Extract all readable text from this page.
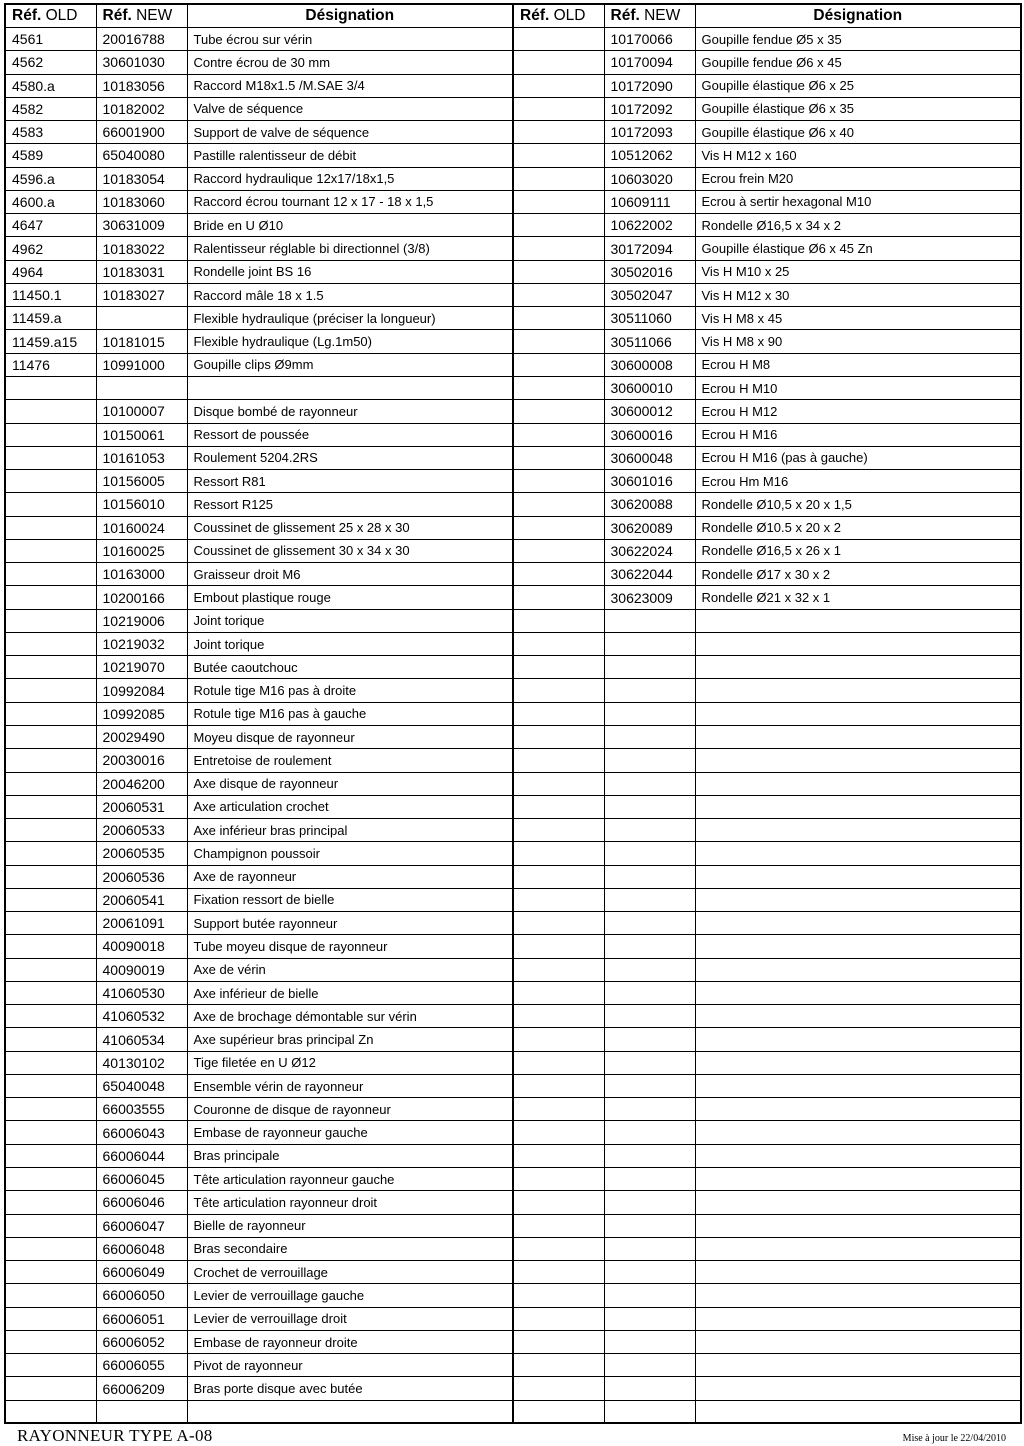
Réf. OLD	Réf. NEW	Désignation	Réf. OLD	Réf. NEW	Désignation
4561	20016788	Tube écrou sur vérin		10170066	Goupille fendue Ø5 x 35
4562	30601030	Contre écrou de 30 mm		10170094	Goupille fendue Ø6 x 45
4580.a	10183056	Raccord M18x1.5 /M.SAE 3/4		10172090	Goupille élastique Ø6 x 25
4582	10182002	Valve de séquence		10172092	Goupille élastique Ø6 x 35
4583	66001900	Support de valve de séquence		10172093	Goupille élastique Ø6 x 40
4589	65040080	Pastille ralentisseur de débit		10512062	Vis H M12 x 160
4596.a	10183054	Raccord hydraulique 12x17/18x1,5		10603020	Ecrou frein M20
4600.a	10183060	Raccord écrou tournant 12 x 17 - 18 x 1,5		10609111	Ecrou à sertir hexagonal M10
4647	30631009	Bride en U Ø10		10622002	Rondelle Ø16,5 x 34 x 2
4962	10183022	Ralentisseur réglable bi directionnel (3/8)		30172094	Goupille élastique Ø6 x 45 Zn
4964	10183031	Rondelle joint BS 16		30502016	Vis H M10 x 25
11450.1	10183027	Raccord mâle 18 x 1.5		30502047	Vis H M12 x 30
11459.a		Flexible hydraulique (préciser la longueur)		30511060	Vis H M8 x 45
11459.a15	10181015	Flexible hydraulique (Lg.1m50)		30511066	Vis H M8 x 90
11476	10991000	Goupille clips Ø9mm		30600008	Ecrou H M8
				30600010	Ecrou H M10
	10100007	Disque bombé de rayonneur		30600012	Ecrou H M12
	10150061	Ressort de poussée		30600016	Ecrou H M16
	10161053	Roulement 5204.2RS		30600048	Ecrou H M16 (pas à gauche)
	10156005	Ressort R81		30601016	Ecrou Hm M16
	10156010	Ressort R125		30620088	Rondelle Ø10,5 x 20 x 1,5
	10160024	Coussinet de glissement 25 x 28 x 30		30620089	Rondelle Ø10.5 x 20 x 2
	10160025	Coussinet de glissement 30 x 34 x 30		30622024	Rondelle Ø16,5 x 26 x 1
	10163000	Graisseur droit M6		30622044	Rondelle Ø17 x 30 x 2
	10200166	Embout plastique rouge		30623009	Rondelle Ø21 x 32 x 1
	10219006	Joint torique			
	10219032	Joint torique			
	10219070	Butée caoutchouc			
	10992084	Rotule tige M16 pas à droite			
	10992085	Rotule tige M16 pas à gauche			
	20029490	Moyeu disque de rayonneur			
	20030016	Entretoise de roulement			
	20046200	Axe disque de rayonneur			
	20060531	Axe articulation crochet			
	20060533	Axe inférieur bras principal			
	20060535	Champignon poussoir			
	20060536	Axe de rayonneur			
	20060541	Fixation ressort de bielle			
	20061091	Support butée rayonneur			
	40090018	Tube moyeu disque de rayonneur			
	40090019	Axe de vérin			
	41060530	Axe inférieur de bielle			
	41060532	Axe de brochage démontable sur vérin			
	41060534	Axe supérieur bras principal Zn			
	40130102	Tige filetée en U Ø12			
	65040048	Ensemble vérin de rayonneur			
	66003555	Couronne de disque de rayonneur			
	66006043	Embase de rayonneur gauche			
	66006044	Bras principale			
	66006045	Tête articulation rayonneur gauche			
	66006046	Tête articulation rayonneur droit			
	66006047	Bielle de rayonneur			
	66006048	Bras secondaire			
	66006049	Crochet de verrouillage			
	66006050	Levier de verrouillage gauche			
	66006051	Levier de verrouillage droit			
	66006052	Embase de rayonneur droite			
	66006055	Pivot de rayonneur			
	66006209	Bras porte disque avec butée			

RAYONNEUR TYPE A-08	Mise à jour le 22/04/2010
